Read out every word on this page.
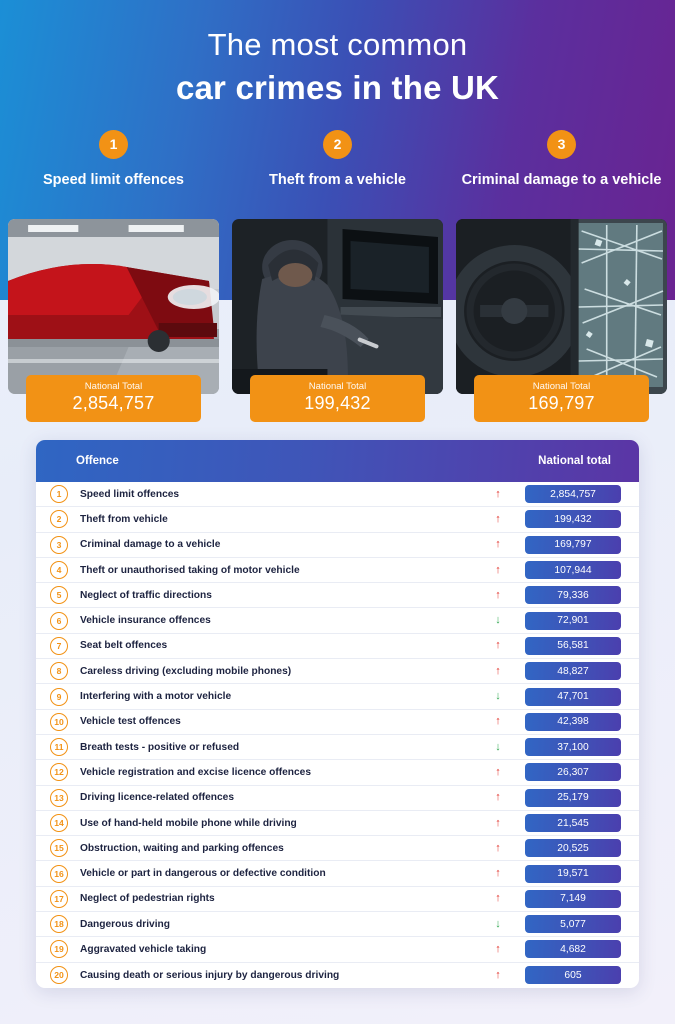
The most common
car crimes in the UK
1
Speed limit offences
National Total
2,854,757
2
Theft from a vehicle
National Total
199,432
3
Criminal damage to a vehicle
National Total
169,797
Offence	National total
1	Speed limit offences	↑	2,854,757
2	Theft from vehicle	↑	199,432
3	Criminal damage to a vehicle	↑	169,797
4	Theft or unauthorised taking of motor vehicle	↑	107,944
5	Neglect of traffic directions	↑	79,336
6	Vehicle insurance offences	↓	72,901
7	Seat belt offences	↑	56,581
8	Careless driving (excluding mobile phones)	↑	48,827
9	Interfering with a motor vehicle	↓	47,701
10	Vehicle test offences	↑	42,398
11	Breath tests - positive or refused	↓	37,100
12	Vehicle registration and excise licence offences	↑	26,307
13	Driving licence-related offences	↑	25,179
14	Use of hand-held mobile phone while driving	↑	21,545
15	Obstruction, waiting and parking offences	↑	20,525
16	Vehicle or part in dangerous or defective condition	↑	19,571
17	Neglect of pedestrian rights	↑	7,149
18	Dangerous driving	↓	5,077
19	Aggravated vehicle taking	↑	4,682
20	Causing death or serious injury by dangerous driving	↑	605
